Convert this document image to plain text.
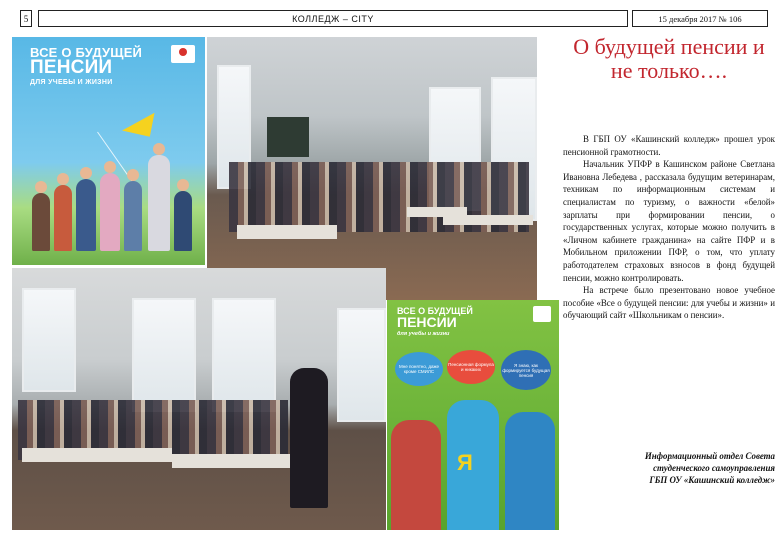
5	КОЛЛЕДЖ – CITY	15 декабря 2017 № 106
ВСЕ О БУДУЩЕЙ
ПЕНСИИ
ДЛЯ УЧЕБЫ И ЖИЗНИ
ВСЕ О БУДУЩЕЙ
ПЕНСИИ
для учебы и жизни
Мне понятно, даже кроме СМИЛС
Пенсионная формула и никаких
Я знаю, как формируется будущая пенсия
Я
О будущей пенсии и не только….

В ГБП ОУ «Кашинский колледж» прошел урок пенсионной грамотности.

Начальник УПФР в Кашинском районе Светлана Ивановна Лебедева , рассказала будущим ветеринарам, техникам по информационным системам и специалистам по туризму, о важности «белой» зарплаты при формировании пенсии, о государственных услугах, которые можно получить в «Личном кабинете гражданина» на сайте ПФР и в Мобильном приложении ПФР, о том, что уплату работодателем страховых взносов в фонд будущей пенсии, можно контролировать.

На встрече было презентовано новое учебное пособие «Все о будущей пенсии: для учебы и жизни» и обучающий сайт «Школьникам о пенсии».

Информационный отдел Совета
студенческого самоуправления
ГБП ОУ «Кашинский колледж»
